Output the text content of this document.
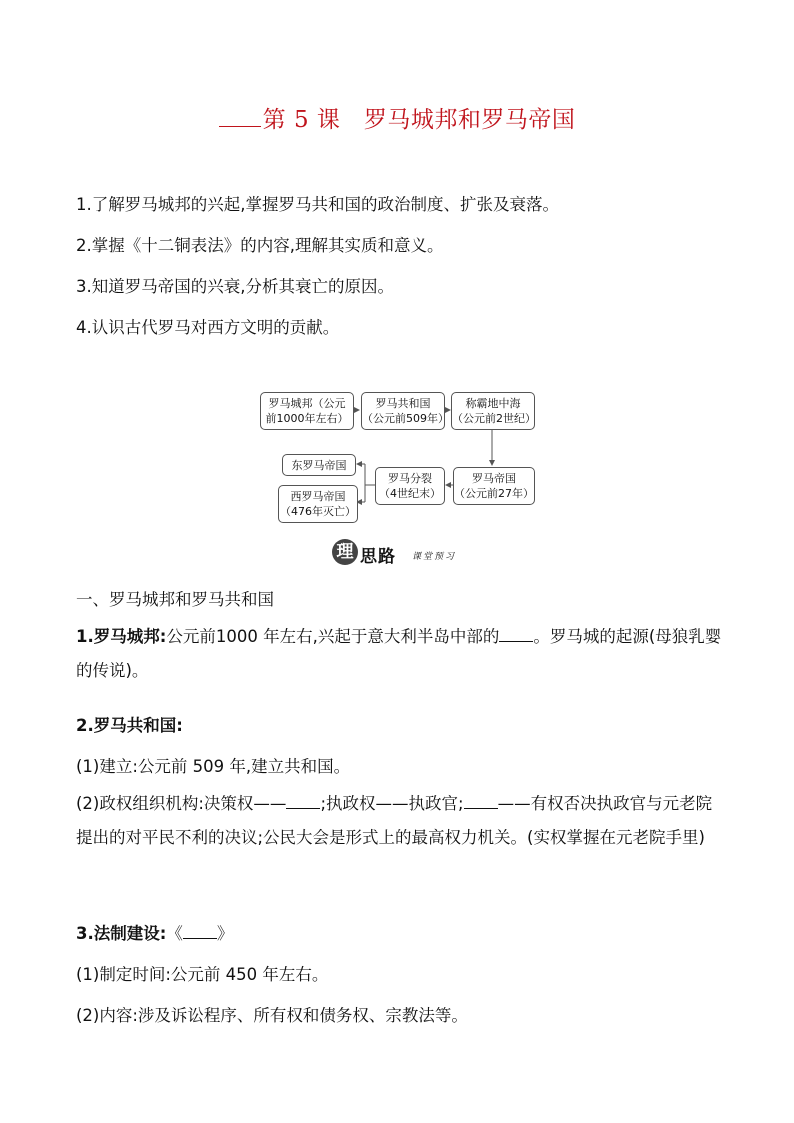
第 5 课 罗马城邦和罗马帝国
1.了解罗马城邦的兴起,掌握罗马共和国的政治制度、扩张及衰落。
2.掌握《十二铜表法》的内容,理解其实质和意义。
3.知道罗马帝国的兴衰,分析其衰亡的原因。
4.认识古代罗马对西方文明的贡献。
罗马城邦（公元
前1000年左右）
罗马共和国
（公元前509年）
称霸地中海
（公元前2世纪）
罗马帝国
（公元前27年）
罗马分裂
（4世纪末）
东罗马帝国
西罗马帝国
（476年灭亡）
理 思路 课堂预习
一、罗马城邦和罗马共和国
1.罗马城邦:公元前1000 年左右,兴起于意大利半岛中部的 。罗马城的起源(母狼乳婴的传说)。
2.罗马共和国:
(1)建立:公元前 509 年,建立共和国。
(2)政权组织机构:决策权—— ;执政权——执政官; ——有权否决执政官与元老院提出的对平民不利的决议;公民大会是形式上的最高权力机关。(实权掌握在元老院手里)
3.法制建设:《 》
(1)制定时间:公元前 450 年左右。
(2)内容:涉及诉讼程序、所有权和债务权、宗教法等。
